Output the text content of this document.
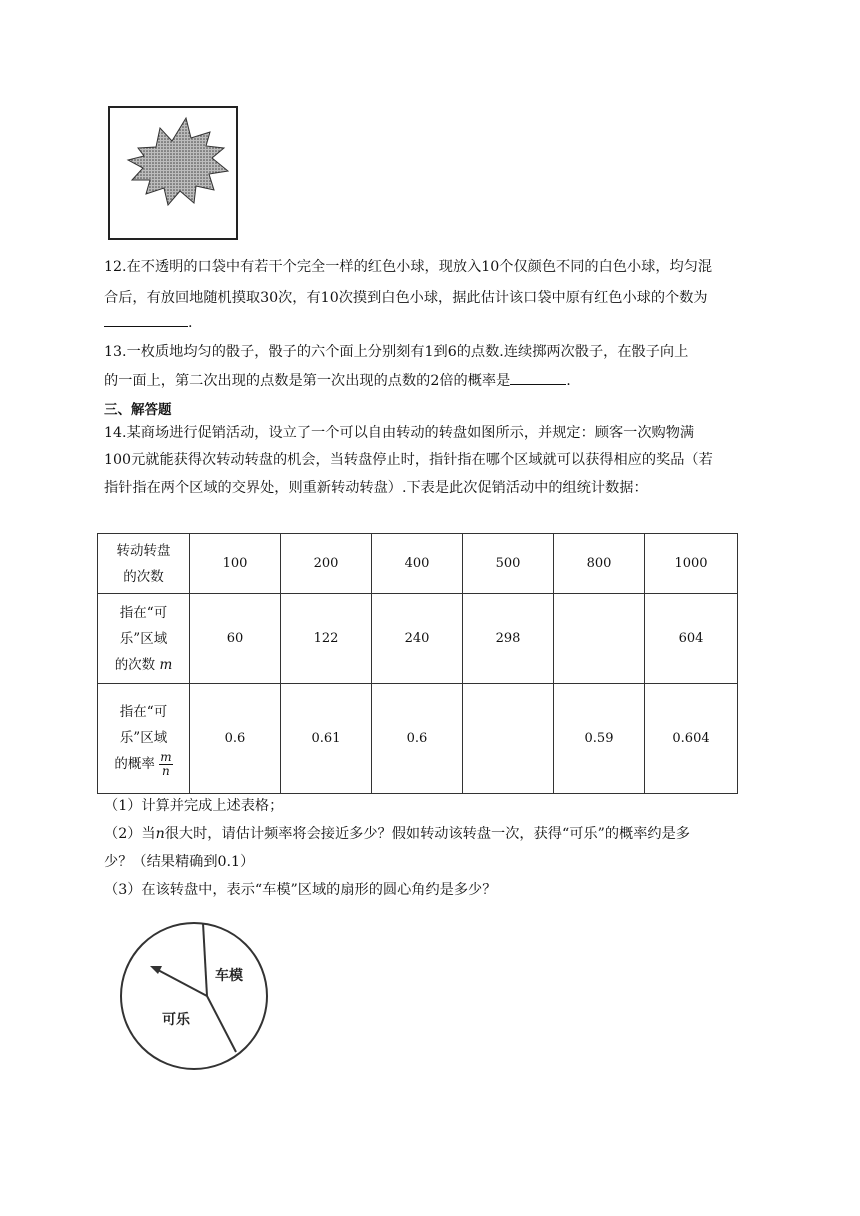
12.在不透明的口袋中有若干个完全一样的红色小球，现放入10个仅颜色不同的白色小球，均匀混
合后，有放回地随机摸取30次，有10次摸到白色小球，据此估计该口袋中原有红色小球的个数为
.
13.一枚质地均匀的骰子，骰子的六个面上分别刻有1到6的点数.连续掷两次骰子，在骰子向上
的一面上，第二次出现的点数是第一次出现的点数的2倍的概率是	.
三、解答题
14.某商场进行促销活动，设立了一个可以自由转动的转盘如图所示，并规定：顾客一次购物满
100元就能获得次转动转盘的机会，当转盘停止时，指针指在哪个区域就可以获得相应的奖品（若
指针指在两个区域的交界处，则重新转动转盘）.下表是此次促销活动中的组统计数据：
转动转盘
的次数	100	200	400	500	800	1000

指在“可
乐”区域
的次数 m	60	122	240	298		604

指在“可
乐”区域
的概率 $\frac{m}{n}$	0.6	0.61	0.6		0.59	0.604
（1）计算并完成上述表格；
（2）当n很大时，请估计频率将会接近多少？假如转动该转盘一次，获得“可乐”的概率约是多
少？（结果精确到0.1）
（3）在该转盘中，表示“车模”区域的扇形的圆心角约是多少？
车模
可乐
